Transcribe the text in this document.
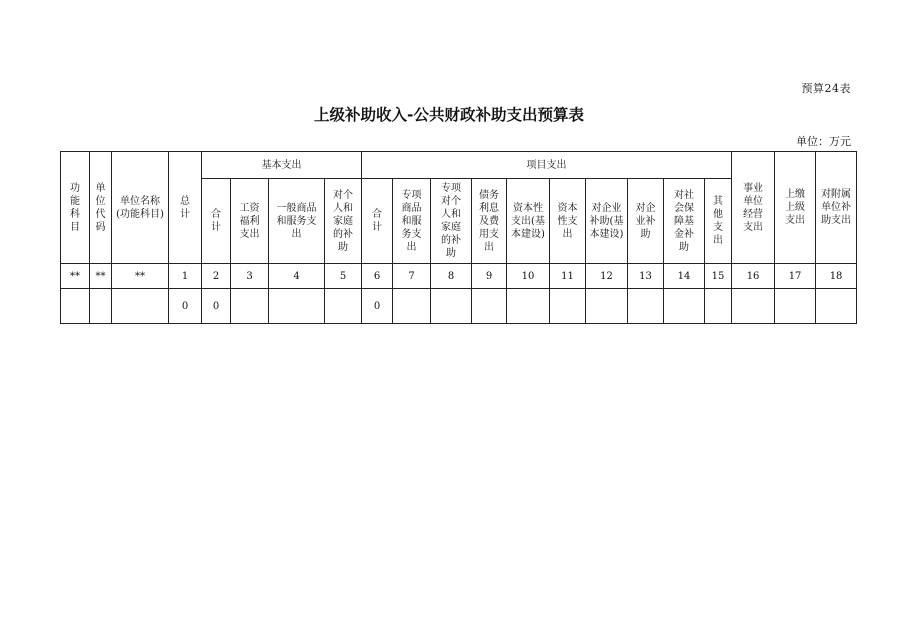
预算24表
上级补助收入-公共财政补助支出预算表
单位：万元
功能科目	单位代码	单位名称(功能科目)	总计	基本支出				项目支出										事业单位经营支出	上缴上级支出	对附属单位补助支出
				合计	工资福利支出	一般商品和服务支出	对个人和家庭的补助	合计	专项商品和服务支出	专项对个人和家庭的补助	债务利息及费用支出	资本性支出(基本建设)	资本性支出	对企业补助(基本建设)	对企业补助	对社会保障基金补助	其他支出			
**	**	**	1	2	3	4	5	6	7	8	9	10	11	12	13	14	15	16	17	18
			0	0				0												
